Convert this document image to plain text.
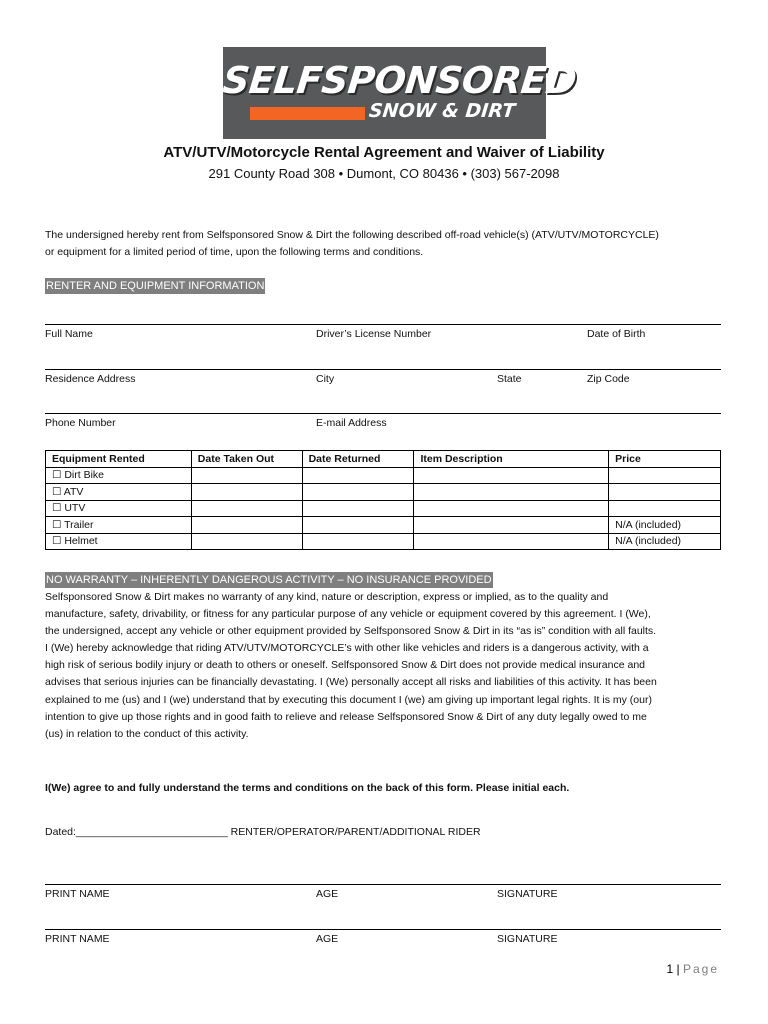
SELFSPONSORED
SNOW & DIRT
ATV/UTV/Motorcycle Rental Agreement and Waiver of Liability
291 County Road 308 • Dumont, CO 80436 • (303) 567-2098
The undersigned hereby rent from Selfsponsored Snow & Dirt the following described off-road vehicle(s) (ATV/UTV/MOTORCYCLE)
or equipment for a limited period of time, upon the following terms and conditions.
RENTER AND EQUIPMENT INFORMATION
Full Name	Driver’s License Number	Date of Birth
Residence Address	City	State	Zip Code
Phone Number	E-mail Address
Equipment Rented	Date Taken Out	Date Returned	Item Description	Price
☐ Dirt Bike				
☐ ATV				
☐ UTV				
☐ Trailer				N/A (included)
☐ Helmet				N/A (included)
NO WARRANTY – INHERENTLY DANGEROUS ACTIVITY – NO INSURANCE PROVIDED
Selfsponsored Snow & Dirt makes no warranty of any kind, nature or description, express or implied, as to the quality and
manufacture, safety, drivability, or fitness for any particular purpose of any vehicle or equipment covered by this agreement. I (We),
the undersigned, accept any vehicle or other equipment provided by Selfsponsored Snow & Dirt in its “as is” condition with all faults.
I (We) hereby acknowledge that riding ATV/UTV/MOTORCYCLE’s with other like vehicles and riders is a dangerous activity, with a
high risk of serious bodily injury or death to others or oneself. Selfsponsored Snow & Dirt does not provide medical insurance and
advises that serious injuries can be financially devastating. I (We) personally accept all risks and liabilities of this activity. It has been
explained to me (us) and I (we) understand that by executing this document I (we) am giving up important legal rights. It is my (our)
intention to give up those rights and in good faith to relieve and release Selfsponsored Snow & Dirt of any duty legally owed to me
(us) in relation to the conduct of this activity.
I(We) agree to and fully understand the terms and conditions on the back of this form. Please initial each.
Dated:__________________________ RENTER/OPERATOR/PARENT/ADDITIONAL RIDER
PRINT NAME	AGE	SIGNATURE
PRINT NAME	AGE	SIGNATURE
1 | Page
